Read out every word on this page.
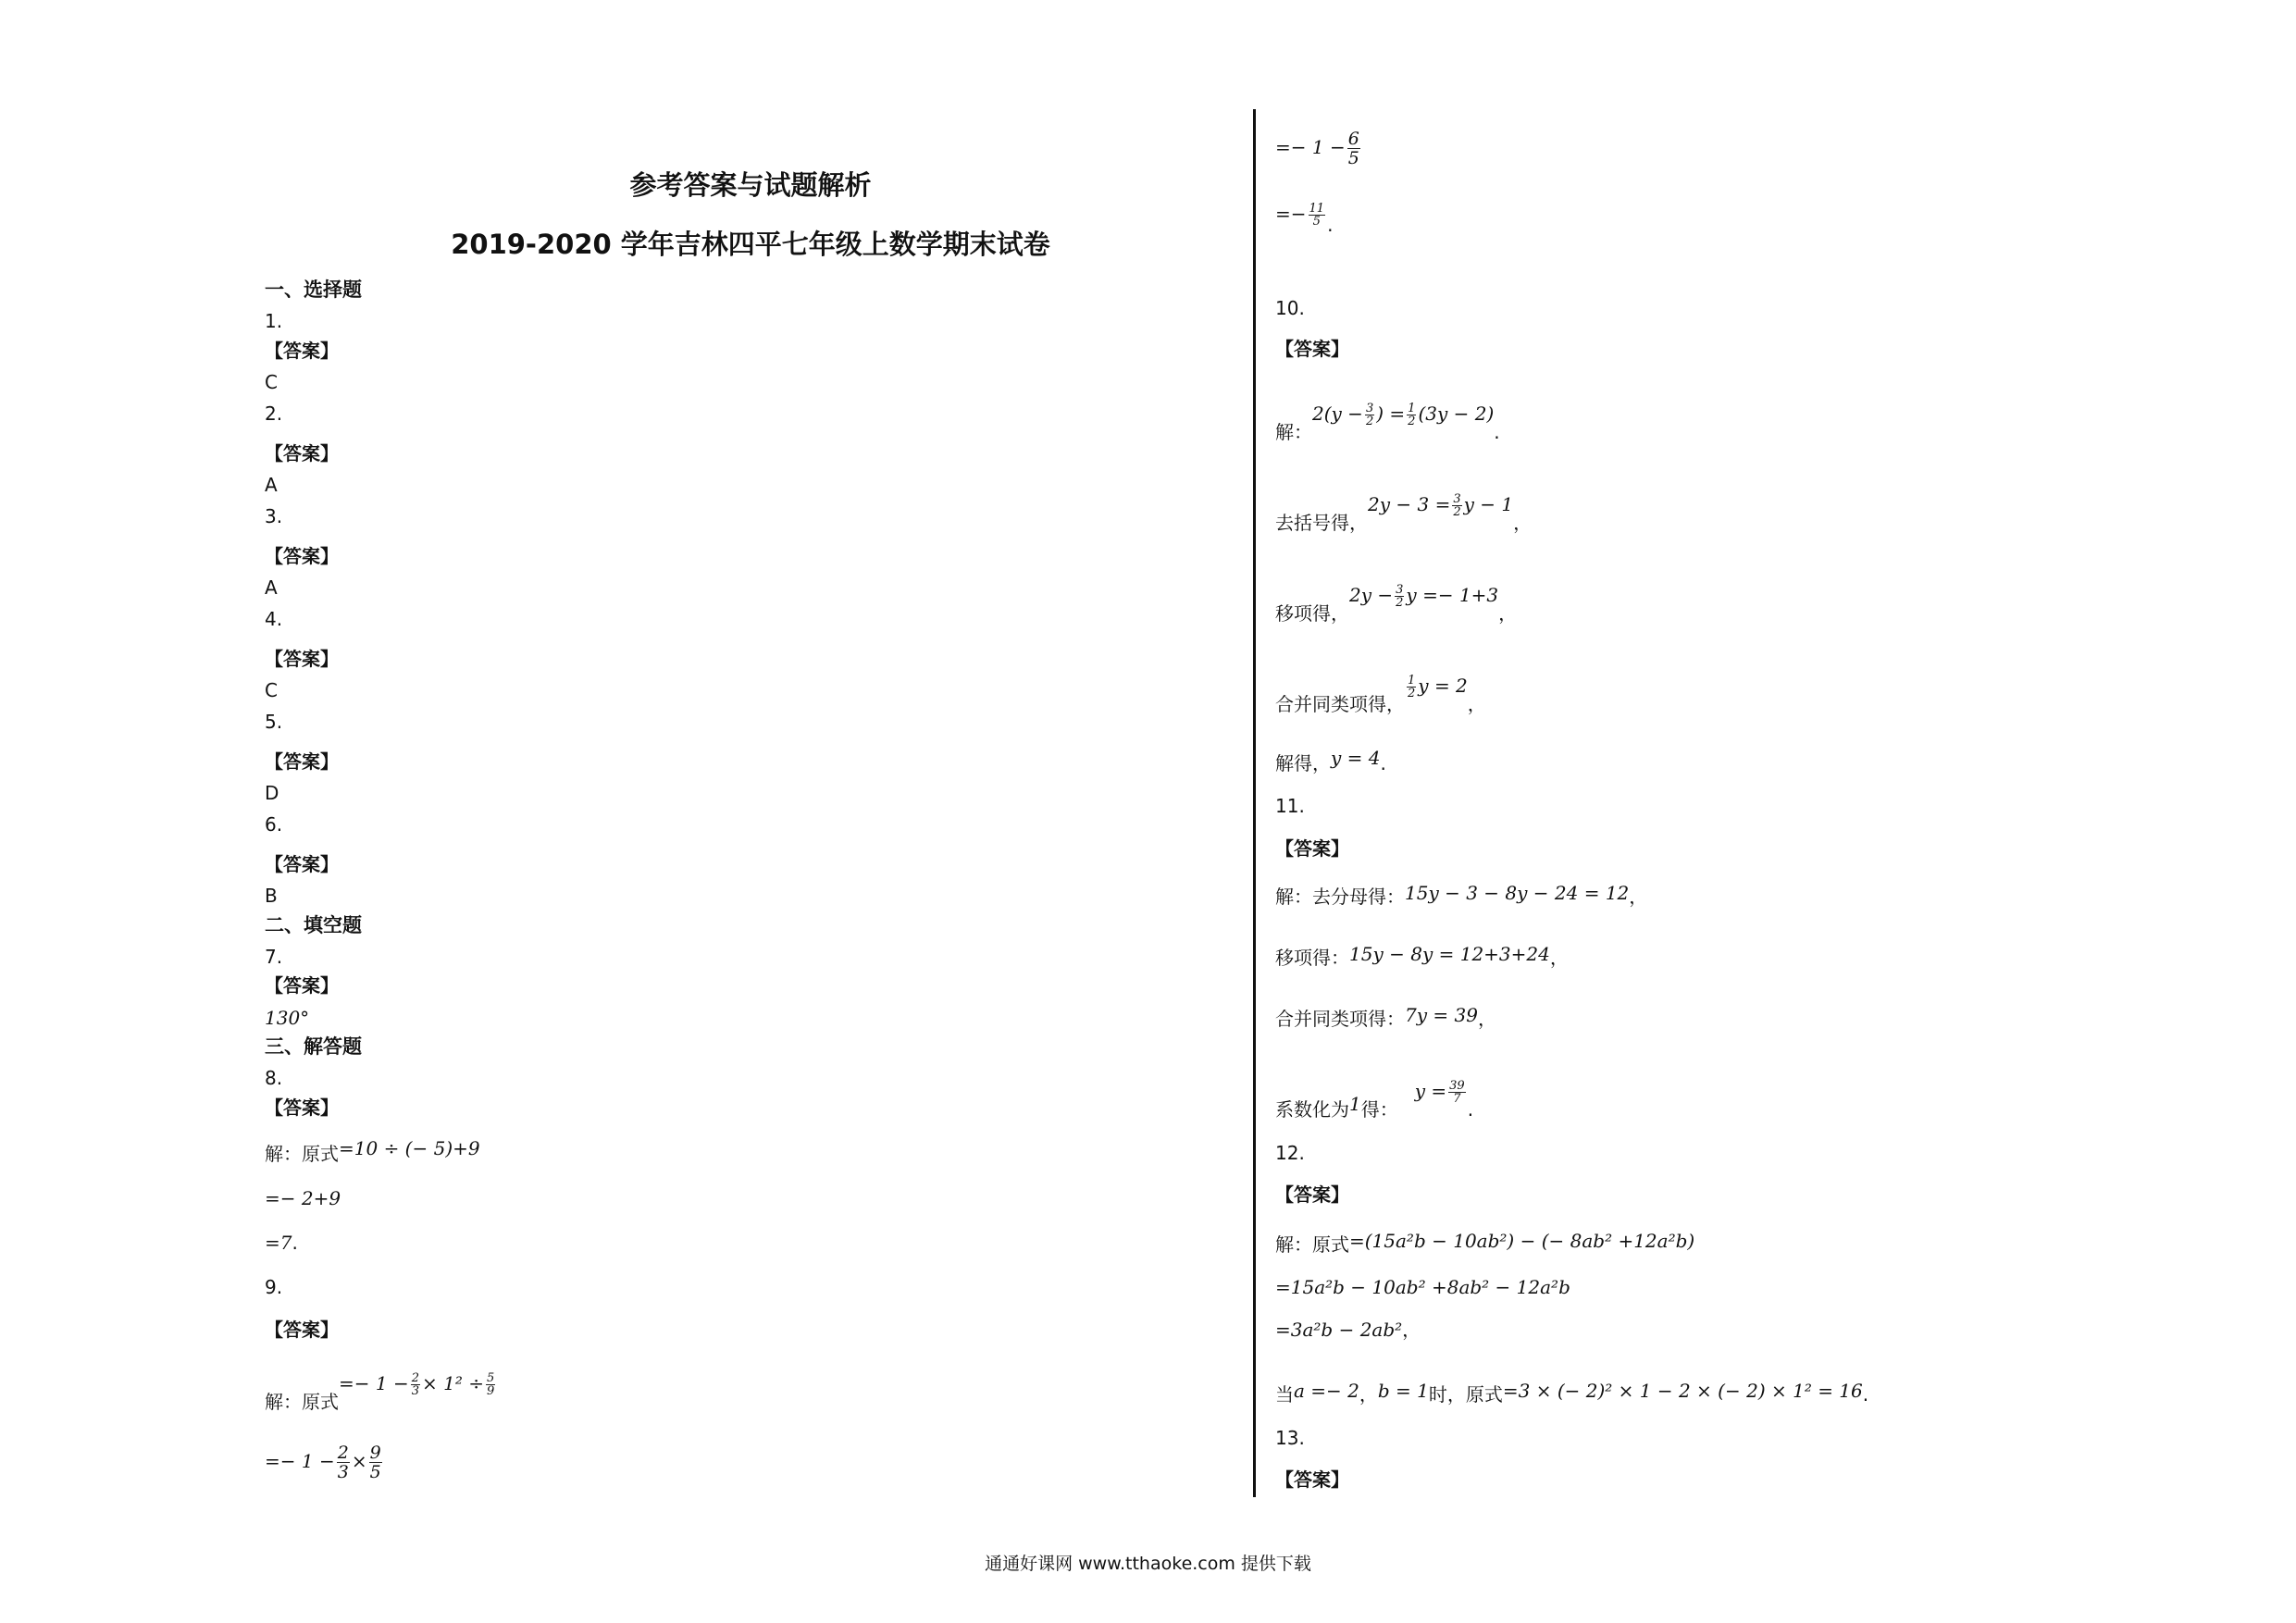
参考答案与试题解析
2019-2020 学年吉林四平七年级上数学期末试卷
一、选择题
1.
【答案】
C
2.
【答案】
A
3.
【答案】
A
4.
【答案】
C
5.
【答案】
D
6.
【答案】
B
二、填空题
7.
【答案】
130°
三、解答题
8.
【答案】
解：原式=10 ÷ (− 5)+9
=− 2+9
=7.
9.
【答案】
解：原式=− $1 - \frac{2}{3} \times 1^2 \div \frac{5}{9}$
=− $1 - \frac{2}{3} \times \frac{9}{5}$
=− $1 - \frac{6}{5}$
=− $\frac{11}{5}$ .
10.
【答案】
解：$2(y - \frac{3}{2}$ ) = $\frac{1}{2} (3y - 2)$.
去括号得，$2y - 3 = \frac{3}{2}$ y − 1，
移项得，$2y - \frac{3}{2}$ y =− 1+3，
合并同类项得，
$\frac{1}{2}$ y = 2，
解得，y = 4.
11.
【答案】
解：去分母得：15y − 3 − 8y − 24 = 12，
移项得：15y − 8y = 12+3+24，
合并同类项得：7y = 39，
系数化为1得：$y = \frac{39}{7}$
.
12.
【答案】
解：原式=(15a²b − 10ab²) − (− 8ab² +12a²b)
=15a²b − 10ab² +8ab² − 12a²b
=3a²b − 2ab²，
当a =− 2，b = 1时，原式=3 × (− 2)² × 1 − 2 × (− 2) × 1² = 16.
13.
【答案】
通通好课网 www.tthaoke.com 提供下载
